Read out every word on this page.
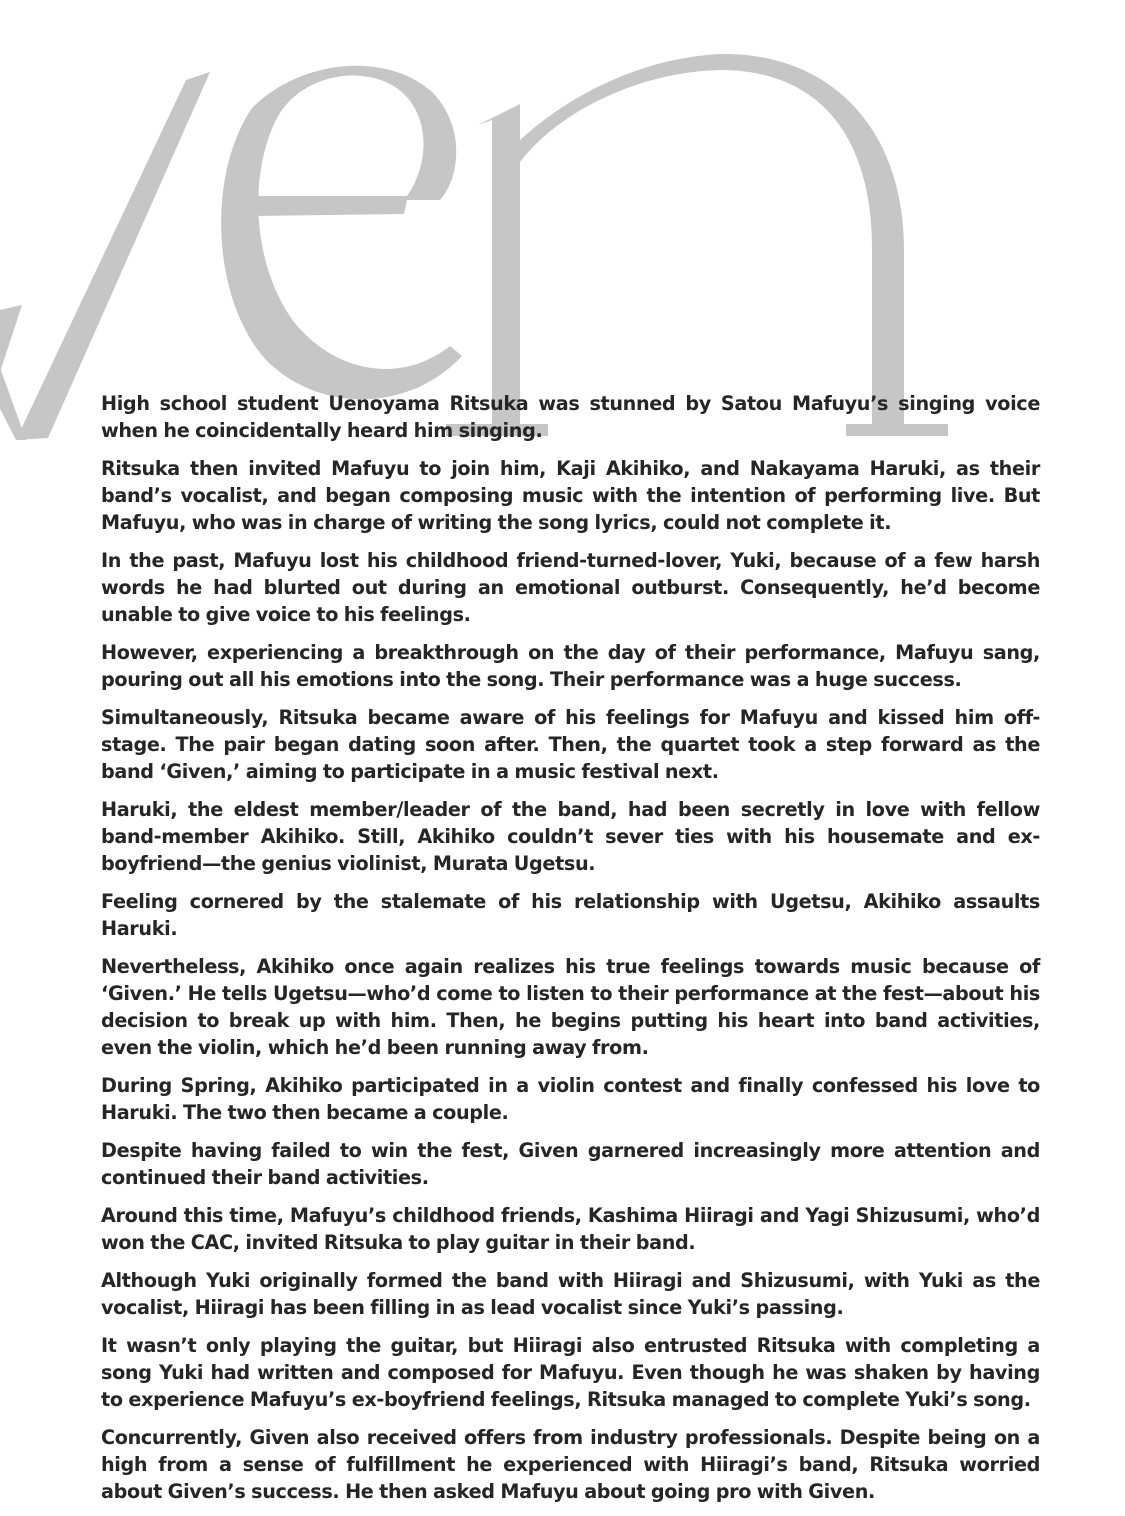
High school student Uenoyama Ritsuka was stunned by Satou Mafuyu’s singing voice when he coincidentally heard him singing.

Ritsuka then invited Mafuyu to join him, Kaji Akihiko, and Nakayama Haruki, as their band’s vocalist, and began composing music with the intention of performing live. But Mafuyu, who was in charge of writing the song lyrics, could not complete it.

In the past, Mafuyu lost his childhood friend-turned-lover, Yuki, because of a few harsh words he had blurted out during an emotional outburst. Consequently, he’d become unable to give voice to his feelings.

However, experiencing a breakthrough on the day of their performance, Mafuyu sang, pouring out all his emotions into the song. Their performance was a huge success.

Simultaneously, Ritsuka became aware of his feelings for Mafuyu and kissed him off-stage. The pair began dating soon after. Then, the quartet took a step forward as the band ‘Given,’ aiming to participate in a music festival next.

Haruki, the eldest member/leader of the band, had been secretly in love with fellow band-member Akihiko. Still, Akihiko couldn’t sever ties with his housemate and ex-boyfriend—the genius violinist, Murata Ugetsu.

Feeling cornered by the stalemate of his relationship with Ugetsu, Akihiko assaults Haruki.

Nevertheless, Akihiko once again realizes his true feelings towards music because of ‘Given.’ He tells Ugetsu—who’d come to listen to their performance at the fest—about his decision to break up with him. Then, he begins putting his heart into band activities, even the violin, which he’d been running away from.

During Spring, Akihiko participated in a violin contest and finally confessed his love to Haruki. The two then became a couple.

Despite having failed to win the fest, Given garnered increasingly more attention and continued their band activities.

Around this time, Mafuyu’s childhood friends, Kashima Hiiragi and Yagi Shizusumi, who’d won the CAC, invited Ritsuka to play guitar in their band.

Although Yuki originally formed the band with Hiiragi and Shizusumi, with Yuki as the vocalist, Hiiragi has been filling in as lead vocalist since Yuki’s passing.

It wasn’t only playing the guitar, but Hiiragi also entrusted Ritsuka with completing a song Yuki had written and composed for Mafuyu. Even though he was shaken by having to experience Mafuyu’s ex-boyfriend feelings, Ritsuka managed to complete Yuki’s song.

Concurrently, Given also received offers from industry professionals. Despite being on a high from a sense of fulfillment he experienced with Hiiragi’s band, Ritsuka worried about Given’s success. He then asked Mafuyu about going pro with Given.
